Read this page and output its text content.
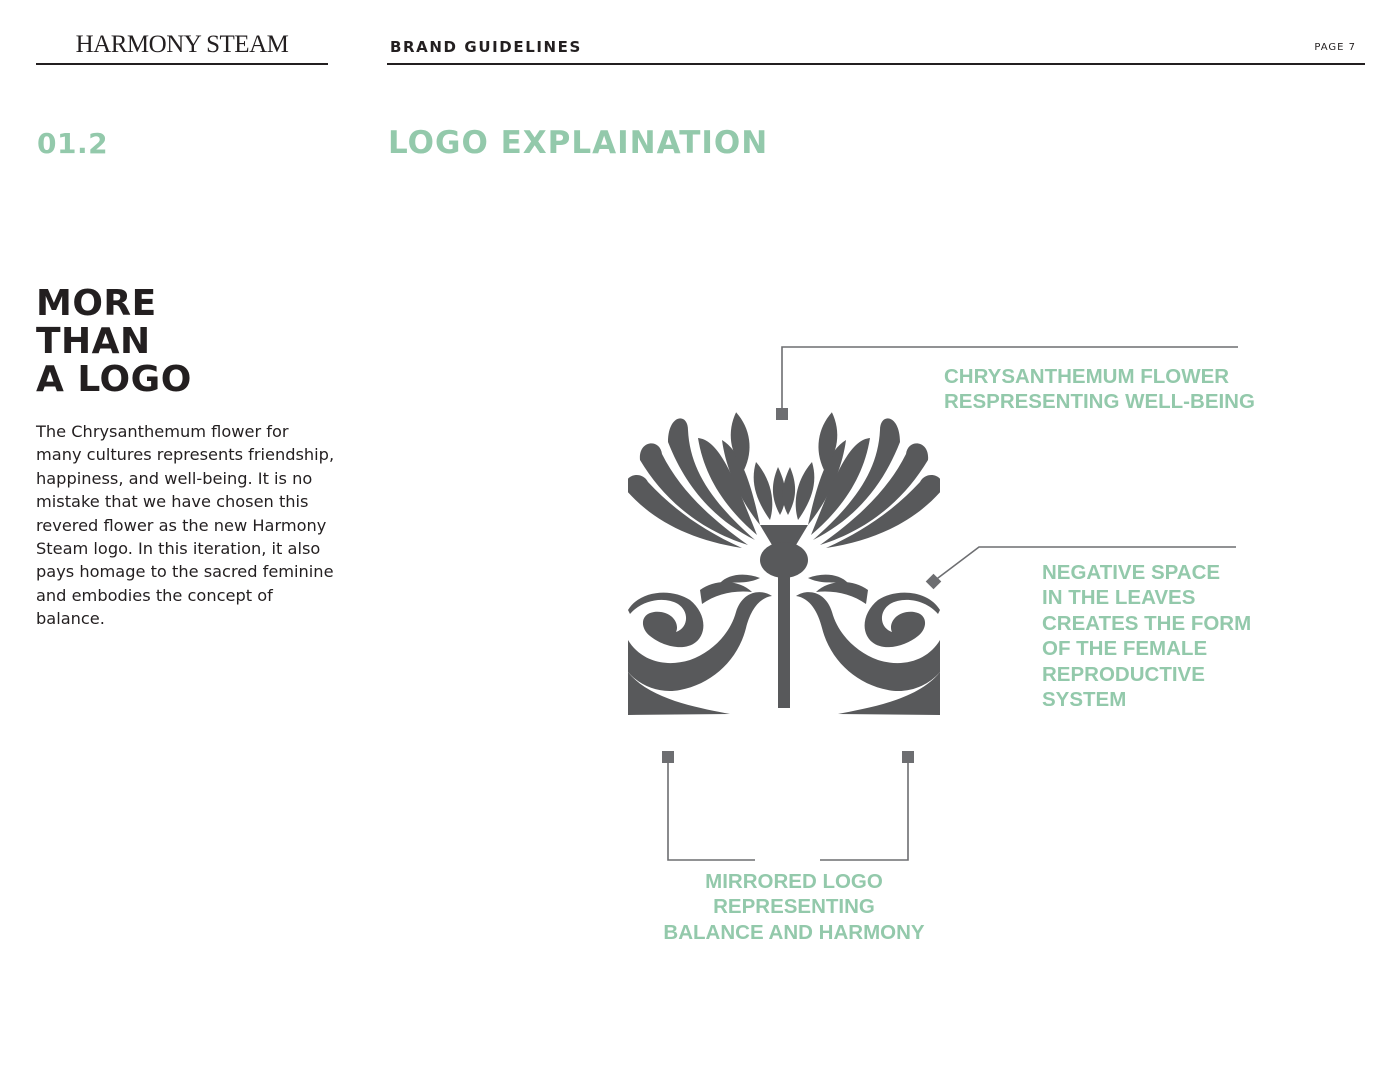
HARMONY STEAM	BRAND GUIDELINES	PAGE 7
01.2	LOGO EXPLAINATION
MORE
THAN
A LOGO
The Chrysanthemum flower for many cultures represents friendship, happiness, and well-being. It is no mistake that we have chosen this revered flower as the new Harmony Steam logo. In this iteration, it also pays homage to the sacred feminine and embodies the concept of balance.
CHRYSANTHEMUM FLOWER
RESPRESENTING WELL-BEING
NEGATIVE SPACE
IN THE LEAVES
CREATES THE FORM
OF THE FEMALE
REPRODUCTIVE
SYSTEM
MIRRORED LOGO
REPRESENTING
BALANCE AND HARMONY
